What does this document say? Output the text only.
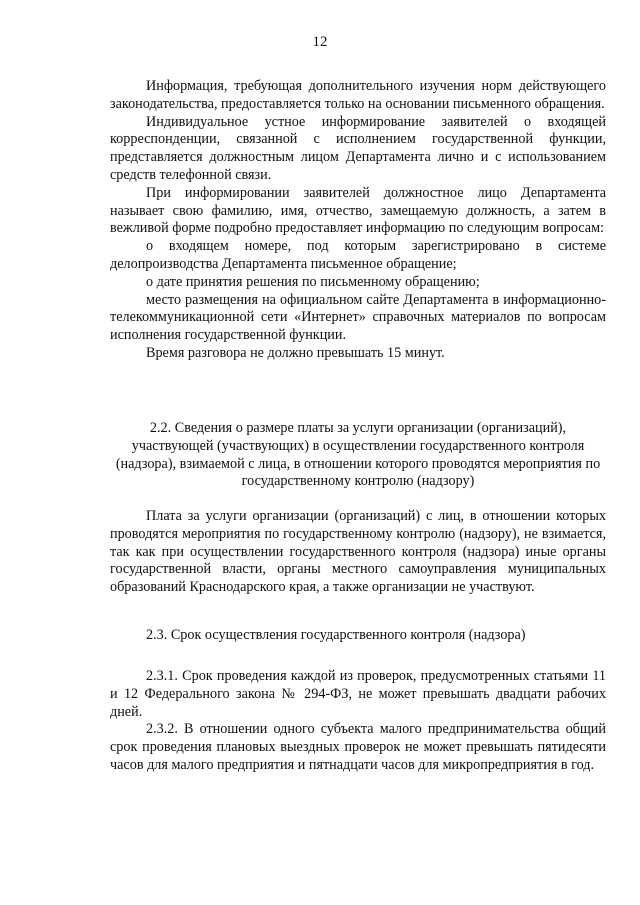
12

Информация, требующая дополнительного изучения норм действующего законодательства, предоставляется только на основании письменного обращения.

Индивидуальное устное информирование заявителей о входящей корреспонденции, связанной с исполнением государственной функции, представляется должностным лицом Департамента лично и с использованием средств телефонной связи.

При информировании заявителей должностное лицо Департамента называет свою фамилию, имя, отчество, замещаемую должность, а затем в вежливой форме подробно предоставляет информацию по следующим вопросам:

о входящем номере, под которым зарегистрировано в системе делопроизводства Департамента письменное обращение;

о дате принятия решения по письменному обращению;

место размещения на официальном сайте Департамента в информационно-телекоммуникационной сети «Интернет» справочных материалов по вопросам исполнения государственной функции.

Время разговора не должно превышать 15 минут.

2.2. Сведения о размере платы за услуги организации (организаций), участвующей (участвующих) в осуществлении государственного контроля (надзора), взимаемой с лица, в отношении которого проводятся мероприятия по государственному контролю (надзору)

Плата за услуги организации (организаций) с лиц, в отношении которых проводятся мероприятия по государственному контролю (надзору), не взимается, так как при осуществлении государственного контроля (надзора) иные органы государственной власти, органы местного самоуправления муниципальных образований Краснодарского края, а также организации не участвуют.

2.3. Срок осуществления государственного контроля (надзора)

2.3.1. Срок проведения каждой из проверок, предусмотренных статьями 11 и 12 Федерального закона № 294-ФЗ, не может превышать двадцати рабочих дней.

2.3.2. В отношении одного субъекта малого предпринимательства общий срок проведения плановых выездных проверок не может превышать пятидесяти часов для малого предприятия и пятнадцати часов для микропредприятия в год.
